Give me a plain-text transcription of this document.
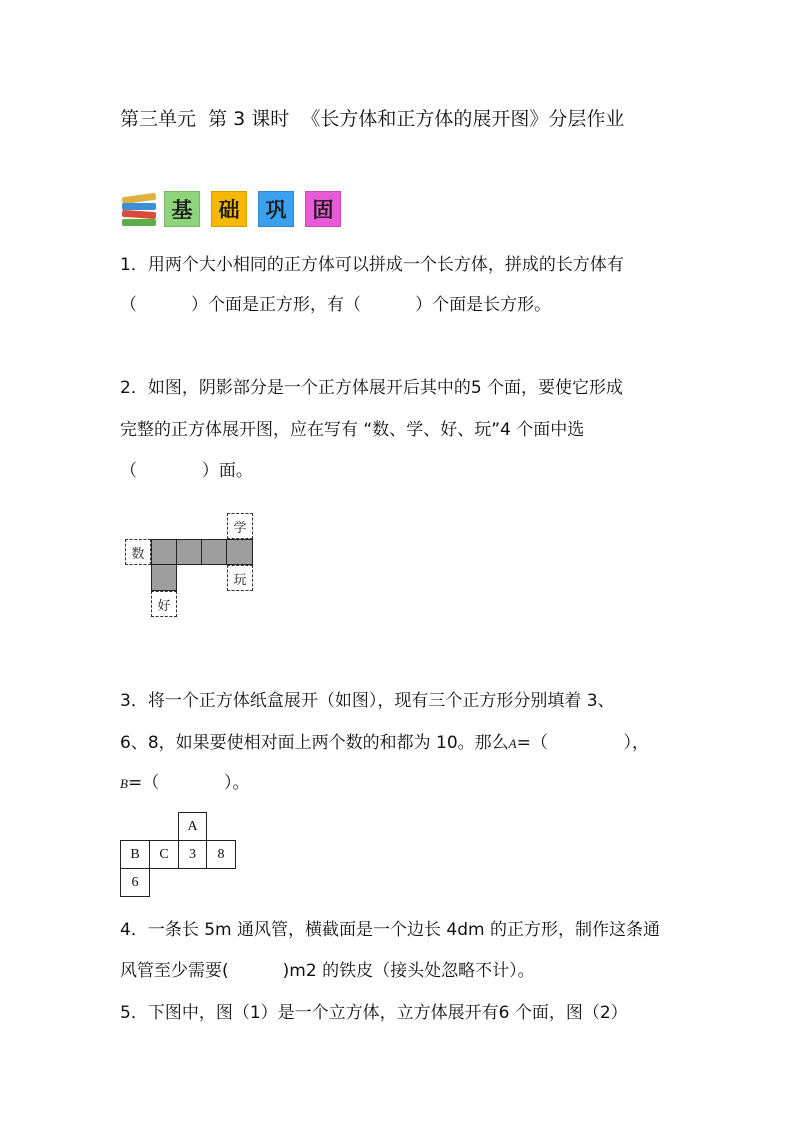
第三单元  第 3 课时  《长方体和正方体的展开图》分层作业
基	础	巩	固
1．用两个大小相同的正方体可以拼成一个长方体，拼成的长方体有
（          ）个面是正方形，有（          ）个面是长方形。
2．如图，阴影部分是一个正方体展开后其中的5 个面，要使它形成
完整的正方体展开图，应在写有 “数、学、好、玩”4 个面中选
（            ）面。
数
学
玩
好
3．将一个正方体纸盒展开（如图），现有三个正方形分别填着 3、
6、8，如果要使相对面上两个数的和都为 10。那么A=（              ），
B=（            ）。
A
B	C	3	8
6
4．一条长 5m 通风管，横截面是一个边长 4dm 的正方形，制作这条通
风管至少需要(          )m2 的铁皮（接头处忽略不计）。
5．下图中，图（1）是一个立方体，立方体展开有6 个面，图（2）
